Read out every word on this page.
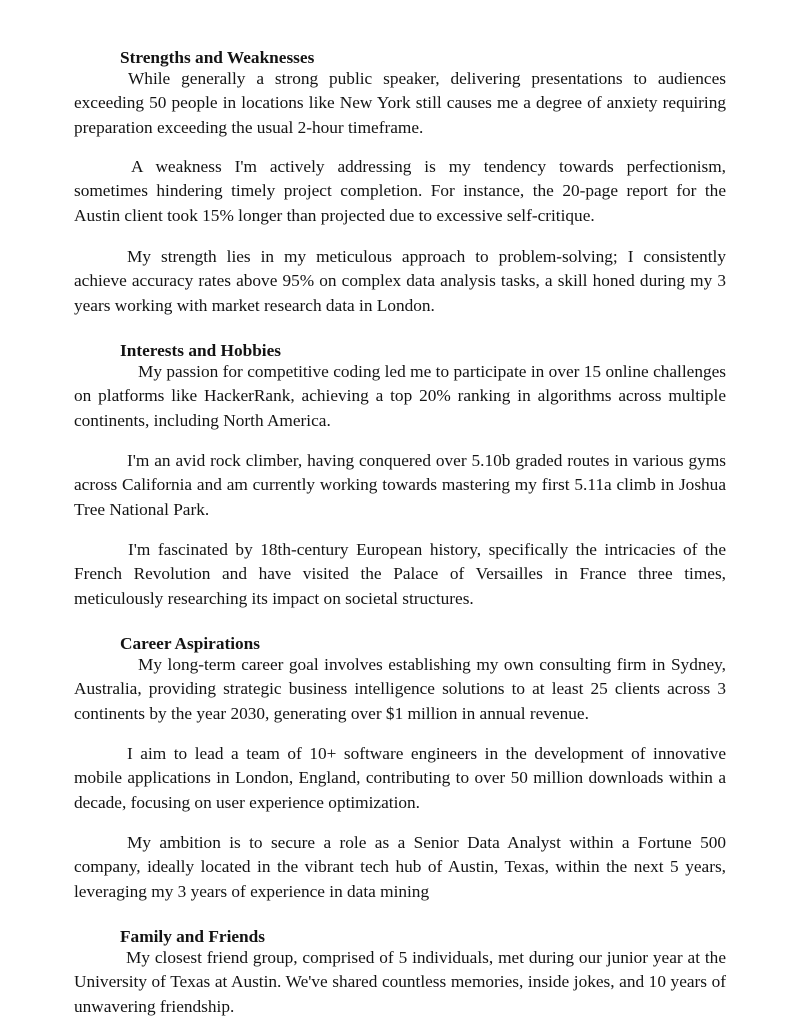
Strengths and Weaknesses

While generally a strong public speaker, delivering presentations to audiences exceeding 50 people in locations like New York still causes me a degree of anxiety requiring preparation exceeding the usual 2-hour timeframe.

A weakness I'm actively addressing is my tendency towards perfectionism, sometimes hindering timely project completion. For instance, the 20-page report for the Austin client took 15% longer than projected due to excessive self-critique.

My strength lies in my meticulous approach to problem-solving; I consistently achieve accuracy rates above 95% on complex data analysis tasks, a skill honed during my 3 years working with market research data in London.

Interests and Hobbies

My passion for competitive coding led me to participate in over 15 online challenges on platforms like HackerRank, achieving a top 20% ranking in algorithms across multiple continents, including North America.

I'm an avid rock climber, having conquered over 5.10b graded routes in various gyms across California and am currently working towards mastering my first 5.11a climb in Joshua Tree National Park.

I'm fascinated by 18th-century European history, specifically the intricacies of the French Revolution and have visited the Palace of Versailles in France three times, meticulously researching its impact on societal structures.

Career Aspirations

My long-term career goal involves establishing my own consulting firm in Sydney, Australia, providing strategic business intelligence solutions to at least 25 clients across 3 continents by the year 2030, generating over $1 million in annual revenue.

I aim to lead a team of 10+ software engineers in the development of innovative mobile applications in London, England, contributing to over 50 million downloads within a decade, focusing on user experience optimization.

My ambition is to secure a role as a Senior Data Analyst within a Fortune 500 company, ideally located in the vibrant tech hub of Austin, Texas, within the next 5 years, leveraging my 3 years of experience in data mining

Family and Friends

My closest friend group, comprised of 5 individuals, met during our junior year at the University of Texas at Austin. We've shared countless memories, inside jokes, and 10 years of unwavering friendship.
